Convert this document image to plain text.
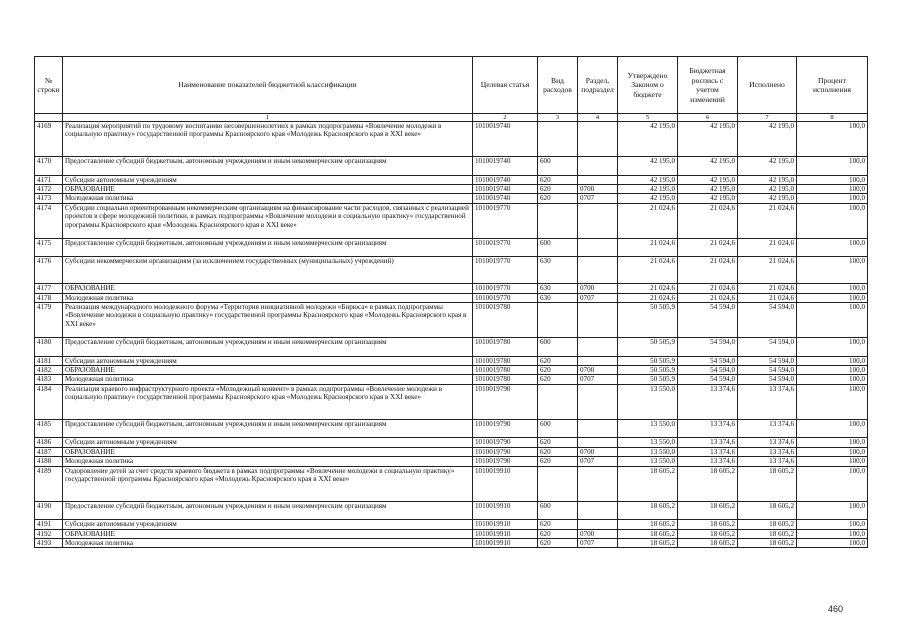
№ строки	Наименование показателей бюджетной классификации	Целевая статья	Вид расходов	Раздел, подраздел	Утверждено Законом о бюджете	Бюджетная роспись с учетом изменений	Исполнено	Процент исполнения
	1	2	3	4	5	6	7	8
4169	Реализация мероприятий по трудовому воспитанию несовершеннолетних в рамках подпрограммы «Вовлечение молодежи в социальную практику» государственной программы Красноярского края «Молодежь Красноярского края в XXI веке»	1010019740			42 195,0	42 195,0	42 195,0	100,0
4170	Предоставление субсидий бюджетным, автономным учреждениям и иным некоммерческим организациям	1010019740	600		42 195,0	42 195,0	42 195,0	100,0
4171	Субсидии автономным учреждениям	1010019740	620		42 195,0	42 195,0	42 195,0	100,0
4172	ОБРАЗОВАНИЕ	1010019740	620	0700	42 195,0	42 195,0	42 195,0	100,0
4173	Молодежная политика	1010019740	620	0707	42 195,0	42 195,0	42 195,0	100,0
4174	Субсидии социально ориентированным некоммерческим организациям на финансирование части расходов, связанных с реализацией проектов в сфере молодежной политики, в рамках подпрограммы «Вовлечение молодежи в социальную практику» государственной программы Красноярского края «Молодежь Красноярского края в XXI веке»	1010019770			21 024,6	21 024,6	21 024,6	100,0
4175	Предоставление субсидий бюджетным, автономным учреждениям и иным некоммерческим организациям	1010019770	600		21 024,6	21 024,6	21 024,6	100,0
4176	Субсидии некоммерческим организациям (за исключением государственных (муниципальных) учреждений)	1010019770	630		21 024,6	21 024,6	21 024,6	100,0
4177	ОБРАЗОВАНИЕ	1010019770	630	0700	21 024,6	21 024,6	21 024,6	100,0
4178	Молодежная политика	1010019770	630	0707	21 024,6	21 024,6	21 024,6	100,0
4179	Реализация международного молодежного форума «Территория инициативной молодежи «Бирюса» в рамках подпрограммы «Вовлечение молодежи в социальную практику» государственной программы Красноярского края «Молодежь Красноярского края в XXI веке»	1010019780			50 505,9	54 594,0	54 594,0	100,0
4180	Предоставление субсидий бюджетным, автономным учреждениям и иным некоммерческим организациям	1010019780	600		50 505,9	54 594,0	54 594,0	100,0
4181	Субсидии автономным учреждениям	1010019780	620		50 505,9	54 594,0	54 594,0	100,0
4182	ОБРАЗОВАНИЕ	1010019780	620	0700	50 505,9	54 594,0	54 594,0	100,0
4183	Молодежная политика	1010019780	620	0707	50 505,9	54 594,0	54 594,0	100,0
4184	Реализация краевого инфраструктурного проекта «Молодежный конвент» в рамках подпрограммы «Вовлечение молодежи в социальную практику» государственной программы Красноярского края «Молодежь Красноярского края в XXI веке»	1010019790			13 550,0	13 374,6	13 374,6	100,0
4185	Предоставление субсидий бюджетным, автономным учреждениям и иным некоммерческим организациям	1010019790	600		13 550,0	13 374,6	13 374,6	100,0
4186	Субсидии автономным учреждениям	1010019790	620		13 550,0	13 374,6	13 374,6	100,0
4187	ОБРАЗОВАНИЕ	1010019790	620	0700	13 550,0	13 374,6	13 374,6	100,0
4188	Молодежная политика	1010019790	620	0707	13 550,0	13 374,6	13 374,6	100,0
4189	Оздоровление детей за счет средств краевого бюджета в рамках подпрограммы «Вовлечение молодежи в социальную практику» государственной программы Красноярского края «Молодежь Красноярского края в XXI веке»	1010019910			18 605,2	18 605,2	18 605,2	100,0
4190	Предоставление субсидий бюджетным, автономным учреждениям и иным некоммерческим организациям	1010019910	600		18 605,2	18 605,2	18 605,2	100,0
4191	Субсидии автономным учреждениям	1010019910	620		18 605,2	18 605,2	18 605,2	100,0
4192	ОБРАЗОВАНИЕ	1010019910	620	0700	18 605,2	18 605,2	18 605,2	100,0
4193	Молодежная политика	1010019910	620	0707	18 605,2	18 605,2	18 605,2	100,0
460
